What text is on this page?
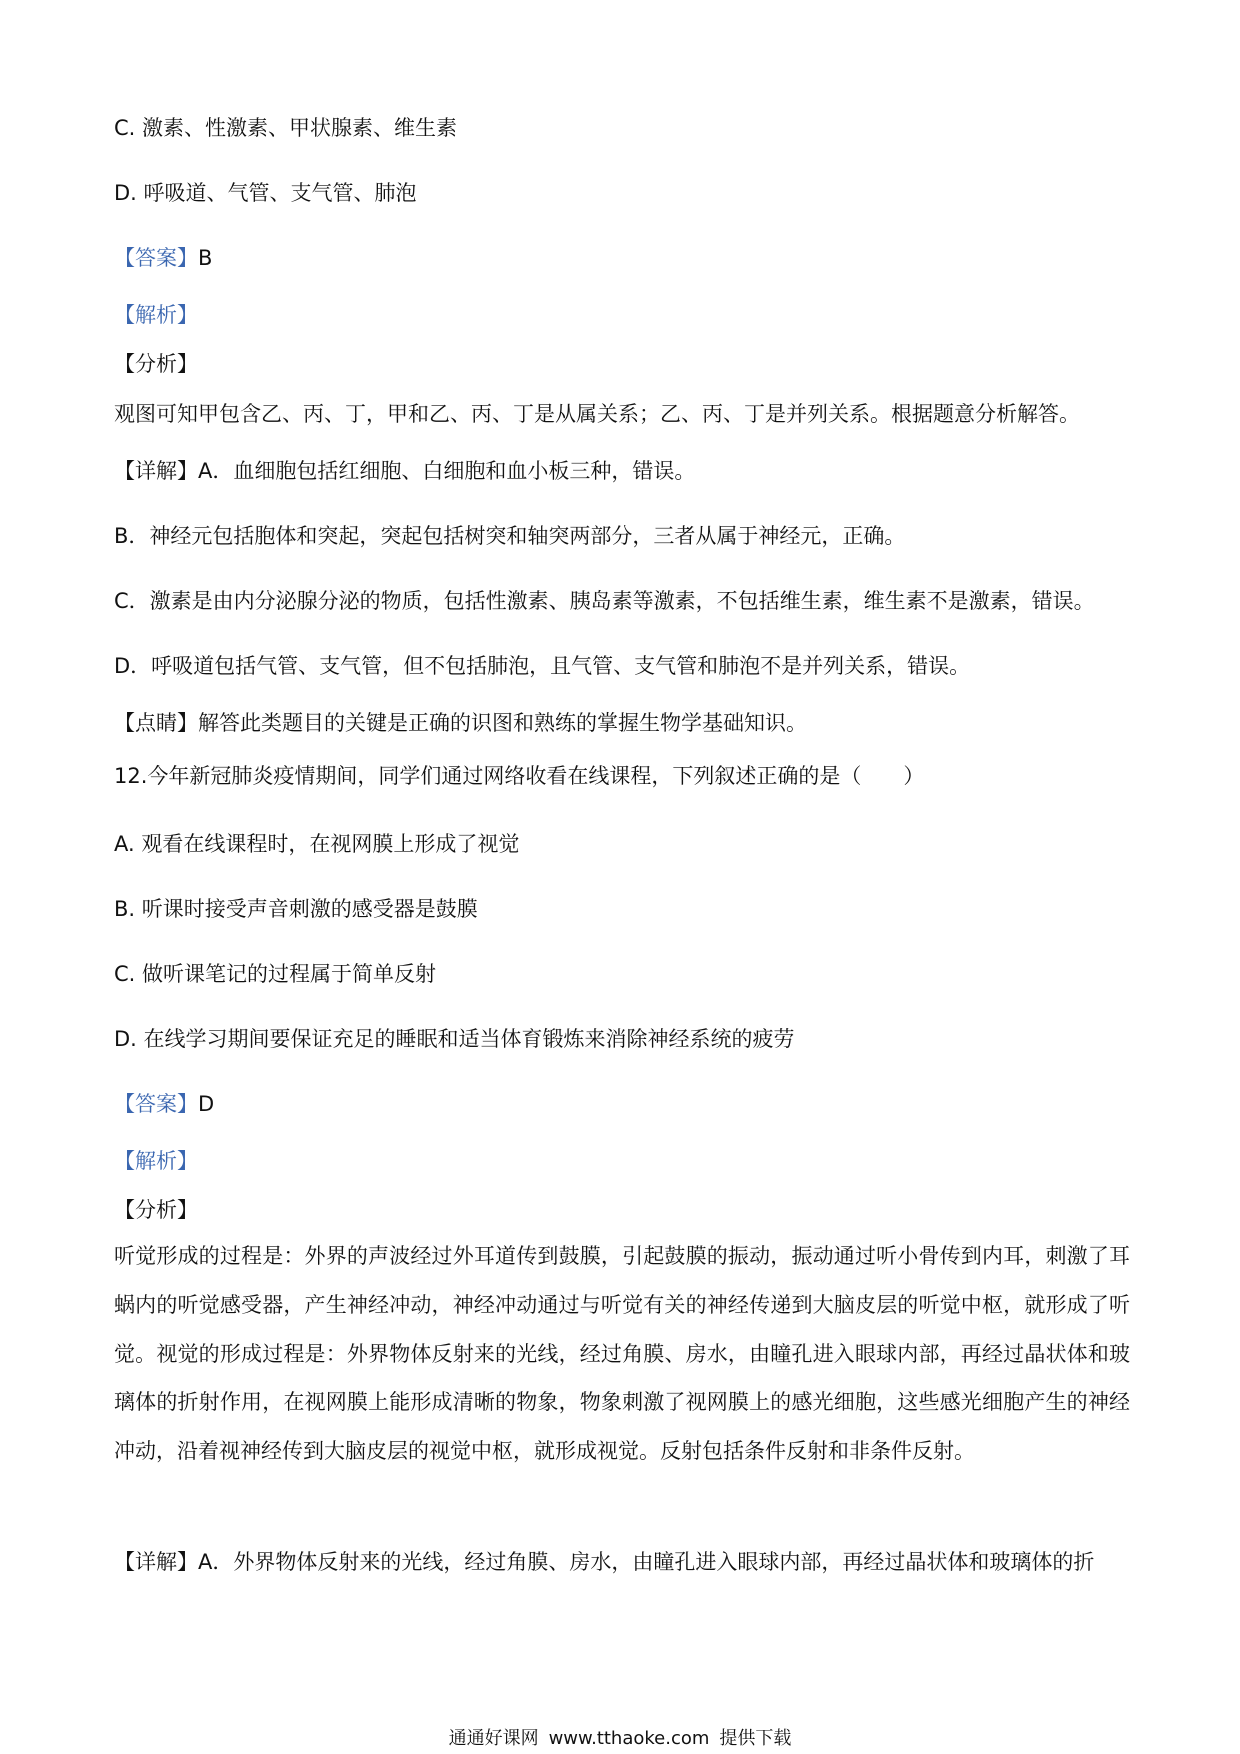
C. 激素、性激素、甲状腺素、维生素
D. 呼吸道、气管、支气管、肺泡
【答案】B
【解析】
【分析】
观图可知甲包含乙、丙、丁，甲和乙、丙、丁是从属关系；乙、丙、丁是并列关系。根据题意分析解答。
【详解】A．血细胞包括红细胞、白细胞和血小板三种，错误。
B．神经元包括胞体和突起，突起包括树突和轴突两部分，三者从属于神经元，正确。
C．激素是由内分泌腺分泌的物质，包括性激素、胰岛素等激素，不包括维生素，维生素不是激素，错误。
D．呼吸道包括气管、支气管，但不包括肺泡，且气管、支气管和肺泡不是并列关系，错误。
【点睛】解答此类题目的关键是正确的识图和熟练的掌握生物学基础知识。
12.今年新冠肺炎疫情期间，同学们通过网络收看在线课程，下列叙述正确的是（　　）
A. 观看在线课程时，在视网膜上形成了视觉
B. 听课时接受声音刺激的感受器是鼓膜
C. 做听课笔记的过程属于简单反射
D. 在线学习期间要保证充足的睡眠和适当体育锻炼来消除神经系统的疲劳
【答案】D
【解析】
【分析】
听觉形成的过程是：外界的声波经过外耳道传到鼓膜，引起鼓膜的振动，振动通过听小骨传到内耳，刺激了耳蜗内的听觉感受器，产生神经冲动，神经冲动通过与听觉有关的神经传递到大脑皮层的听觉中枢，就形成了听觉。视觉的形成过程是：外界物体反射来的光线，经过角膜、房水，由瞳孔进入眼球内部，再经过晶状体和玻璃体的折射作用，在视网膜上能形成清晰的物象，物象刺激了视网膜上的感光细胞，这些感光细胞产生的神经冲动，沿着视神经传到大脑皮层的视觉中枢，就形成视觉。反射包括条件反射和非条件反射。
【详解】A．外界物体反射来的光线，经过角膜、房水，由瞳孔进入眼球内部，再经过晶状体和玻璃体的折
通通好课网 www.tthaoke.com 提供下载
